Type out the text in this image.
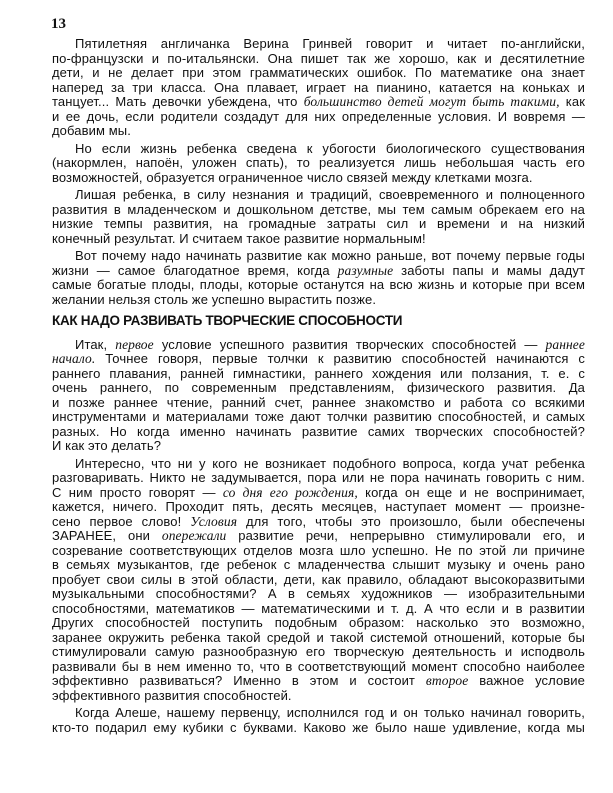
13
КАК НАДО РАЗВИВАТЬ ТВОРЧЕСКИЕ СПОСОБНОСТИ
Пятилетняя англичанка Верина Гринвей говорит и читает по-английски,
по-французски и по-итальянски. Она пишет так же хорошо, как и десятилетние
дети, и не делает при этом грамматических ошибок. По математике она знает
наперед за три класса. Она плавает, играет на пианино, катается на коньках и
танцует... Мать девочки убеждена, что большинство детей могут быть такими, как
и ее дочь, если родители создадут для них определенные условия. И вовремя —
добавим мы.
Но если жизнь ребенка сведена к убогости биологического существования
(накормлен, напоён, уложен спать), то реализуется лишь небольшая часть его
возможностей, образуется ограниченное число связей между клетками мозга.
Лишая ребенка, в силу незнания и традиций, своевременного и полноценного
развития в младенческом и дошкольном детстве, мы тем самым обрекаем его на
низкие темпы развития, на громадные затраты сил и времени и на низкий
конечный результат. И считаем такое развитие нормальным!
Вот почему надо начинать развитие как можно раньше, вот почему первые годы
жизни — самое благодатное время, когда разумные заботы папы и мамы дадут
самые богатые плоды, плоды, которые останутся на всю жизнь и которые при всем
желании нельзя столь же успешно вырастить позже.
Итак, первое условие успешного развития творческих способностей — раннее
начало. Точнее говоря, первые толчки к развитию способностей начинаются с
раннего плавания, ранней гимнастики, раннего хождения или ползания, т. е. с
очень раннего, по современным представлениям, физического развития. Да
и позже раннее чтение, ранний счет, раннее знакомство и работа со всякими
инструментами и материалами тоже дают толчки развитию способностей, и самых
разных. Но когда именно начинать развитие самих творческих способностей?
И как это делать?
Интересно, что ни у кого не возникает подобного вопроса, когда учат ребенка
разговаривать. Никто не задумывается, пора или не пора начинать говорить с ним.
С ним просто говорят — со дня его рождения, когда он еще и не воспринимает,
кажется, ничего. Проходит пять, десять месяцев, наступает момент — произне-
сено первое слово! Условия для того, чтобы это произошло, были обеспечены
ЗАРАНЕЕ, они опережали развитие речи, непрерывно стимулировали его, и
созревание соответствующих отделов мозга шло успешно. Не по этой ли причине
в семьях музыкантов, где ребенок с младенчества слышит музыку и очень рано
пробует свои силы в этой области, дети, как правило, обладают высокоразвитыми
музыкальными способностями? А в семьях художников — изобразительными
способностями, математиков — математическими и т. д. А что если и в развитии
Других способностей поступить подобным образом: насколько это возможно,
заранее окружить ребенка такой средой и такой системой отношений, которые бы
стимулировали самую разнообразную его творческую деятельность и исподволь
развивали бы в нем именно то, что в соответствующий момент способно наиболее
эффективно развиваться? Именно в этом и состоит второе важное условие
эффективного развития способностей.
Когда Алеше, нашему первенцу, исполнился год и он только начинал говорить,
кто-то подарил ему кубики с буквами. Каково же было наше удивление, когда мы
